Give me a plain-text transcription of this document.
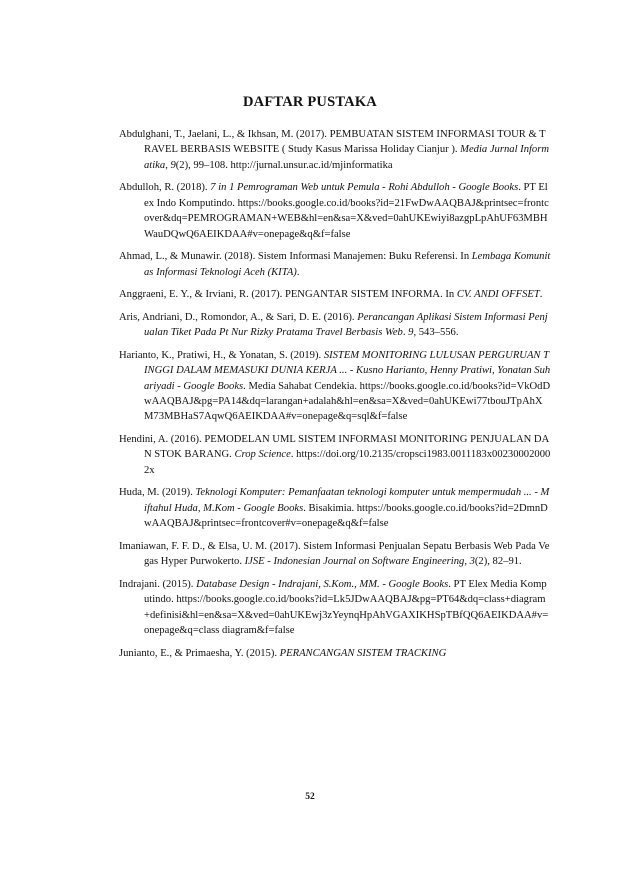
DAFTAR PUSTAKA
Abdulghani, T., Jaelani, L., & Ikhsan, M. (2017). PEMBUATAN SISTEM INFORMASI TOUR & TRAVEL BERBASIS WEBSITE ( Study Kasus Marissa Holiday Cianjur ). Media Jurnal Informatika, 9(2), 99–108. http://jurnal.unsur.ac.id/mjinformatika
Abdulloh, R. (2018). 7 in 1 Pemrograman Web untuk Pemula - Rohi Abdulloh - Google Books. PT Elex Indo Komputindo. https://books.google.co.id/books?id=21FwDwAAQBAJ&printsec=frontcover&dq=PEMROGRAMAN+WEB&hl=en&sa=X&ved=0ahUKEwiyi8azgpLpAhUF63MBHWauDQwQ6AEIKDAA#v=onepage&q&f=false
Ahmad, L., & Munawir. (2018). Sistem Informasi Manajemen: Buku Referensi. In Lembaga Komunitas Informasi Teknologi Aceh (KITA).
Anggraeni, E. Y., & Irviani, R. (2017). PENGANTAR SISTEM INFORMA. In CV. ANDI OFFSET.
Aris, Andriani, D., Romondor, A., & Sari, D. E. (2016). Perancangan Aplikasi Sistem Informasi Penjualan Tiket Pada Pt Nur Rizky Pratama Travel Berbasis Web. 9, 543–556.
Harianto, K., Pratiwi, H., & Yonatan, S. (2019). SISTEM MONITORING LULUSAN PERGURUAN TINGGI DALAM MEMASUKI DUNIA KERJA ... - Kusno Harianto, Henny Pratiwi, Yonatan Suhariyadi - Google Books. Media Sahabat Cendekia. https://books.google.co.id/books?id=VkOdDwAAQBAJ&pg=PA14&dq=larangan+adalah&hl=en&sa=X&ved=0ahUKEwi77tbouJTpAhXM73MBHaS7AqwQ6AEIKDAA#v=onepage&q=sql&f=false
Hendini, A. (2016). PEMODELAN UML SISTEM INFORMASI MONITORING PENJUALAN DAN STOK BARANG. Crop Science. https://doi.org/10.2135/cropsci1983.0011183x002300020002x
Huda, M. (2019). Teknologi Komputer: Pemanfaatan teknologi komputer untuk mempermudah ... - Miftahul Huda, M.Kom - Google Books. Bisakimia. https://books.google.co.id/books?id=2DmnDwAAQBAJ&printsec=frontcover#v=onepage&q&f=false
Imaniawan, F. F. D., & Elsa, U. M. (2017). Sistem Informasi Penjualan Sepatu Berbasis Web Pada Vegas Hyper Purwokerto. IJSE - Indonesian Journal on Software Engineering, 3(2), 82–91.
Indrajani. (2015). Database Design - Indrajani, S.Kom., MM. - Google Books. PT Elex Media Komputindo. https://books.google.co.id/books?id=Lk5JDwAAQBAJ&pg=PT64&dq=class+diagram+definisi&hl=en&sa=X&ved=0ahUKEwj3zYeynqHpAhVGAXIKHSpTBfQQ6AEIKDAA#v=onepage&q=class diagram&f=false
Junianto, E., & Primaesha, Y. (2015). PERANCANGAN SISTEM TRACKING
52
